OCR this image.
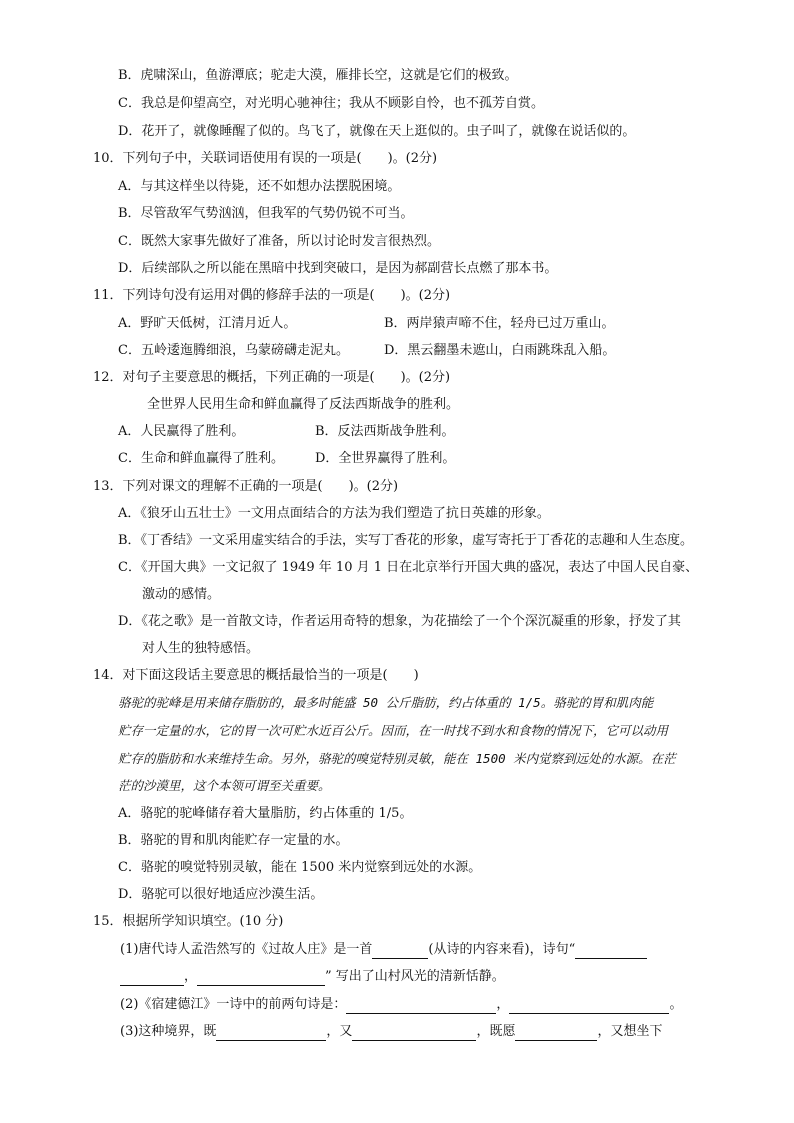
B．虎啸深山，鱼游潭底；驼走大漠，雁排长空，这就是它们的极致。
C．我总是仰望高空，对光明心驰神往；我从不顾影自怜，也不孤芳自赏。
D．花开了，就像睡醒了似的。鸟飞了，就像在天上逛似的。虫子叫了，就像在说话似的。
10．下列句子中，关联词语使用有误的一项是(　　)。(2分)
A．与其这样坐以待毙，还不如想办法摆脱困境。
B．尽管敌军气势汹汹，但我军的气势仍锐不可当。
C．既然大家事先做好了准备，所以讨论时发言很热烈。
D．后续部队之所以能在黑暗中找到突破口，是因为郝副营长点燃了那本书。
11．下列诗句没有运用对偶的修辞手法的一项是(　　)。(2分)
A．野旷天低树，江清月近人。	B．两岸猿声啼不住，轻舟已过万重山。
C．五岭逶迤腾细浪，乌蒙磅礴走泥丸。	D．黑云翻墨未遮山，白雨跳珠乱入船。
12．对句子主要意思的概括，下列正确的一项是(　　)。(2分)
全世界人民用生命和鲜血赢得了反法西斯战争的胜利。
A．人民赢得了胜利。	B．反法西斯战争胜利。
C．生命和鲜血赢得了胜利。 D．全世界赢得了胜利。
13．下列对课文的理解不正确的一项是(　　)。(2分)
A．《狼牙山五壮士》一文用点面结合的方法为我们塑造了抗日英雄的形象。
B．《丁香结》一文采用虚实结合的手法，实写丁香花的形象，虚写寄托于丁香花的志趣和人生态度。
C．《开国大典》一文记叙了 1949 年 10 月 1 日在北京举行开国大典的盛况，表达了中国人民自豪、
激动的感情。
D．《花之歌》是一首散文诗，作者运用奇特的想象，为花描绘了一个个深沉凝重的形象，抒发了其
对人生的独特感悟。
14．对下面这段话主要意思的概括最恰当的一项是(　　)
骆驼的驼峰是用来储存脂肪的，最多时能盛 50 公斤脂肪，约占体重的 1/5。骆驼的胃和肌肉能
贮存一定量的水，它的胃一次可贮水近百公斤。因而，在一时找不到水和食物的情况下，它可以动用
贮存的脂肪和水来维持生命。另外，骆驼的嗅觉特别灵敏，能在 1500 米内觉察到远处的水源。在茫
茫的沙漠里，这个本领可谓至关重要。
A．骆驼的驼峰储存着大量脂肪，约占体重的 1/5。
B．骆驼的胃和肌肉能贮存一定量的水。
C．骆驼的嗅觉特别灵敏，能在 1500 米内觉察到远处的水源。
D．骆驼可以很好地适应沙漠生活。
15．根据所学知识填空。(10 分)
(1)唐代诗人孟浩然写的《过故人庄》是一首	(从诗的内容来看)，诗句“
，	” 写出了山村风光的清新恬静。
(2)《宿建德江》一诗中的前两句诗是：	，	。
(3)这种境界，既	，又	，既愿	，又想坐下
